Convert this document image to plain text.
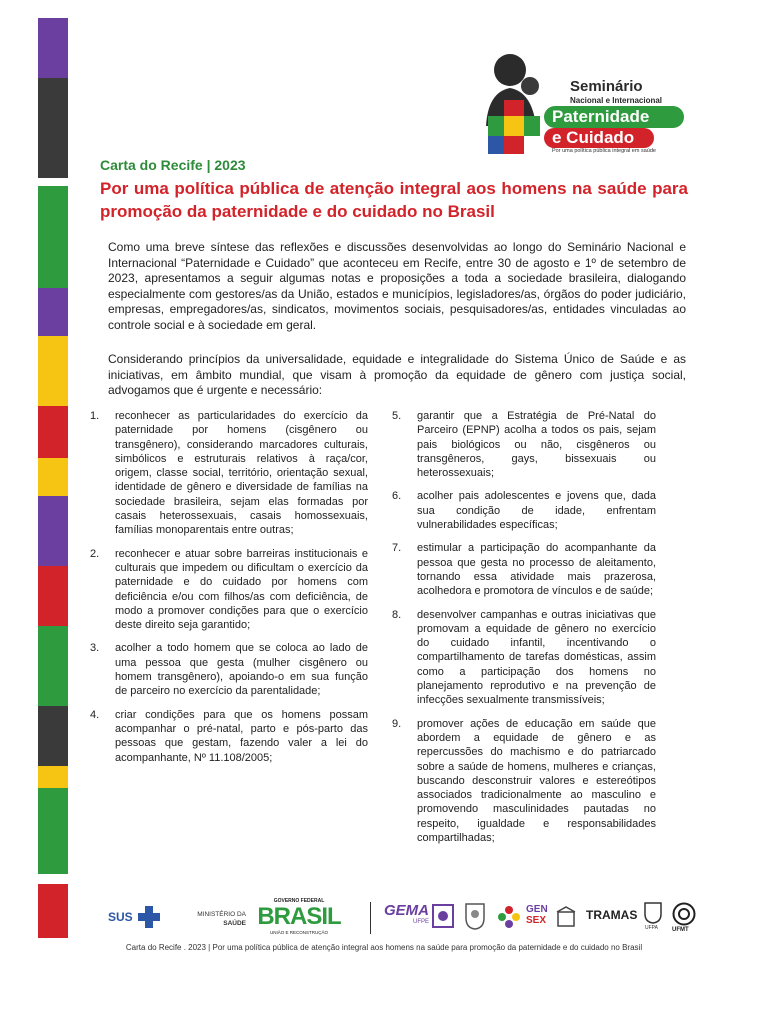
Seminário
Nacional e Internacional
Paternidade
e Cuidado
Por uma política pública integral em saúde
Carta do Recife | 2023
Por uma política pública de atenção integral aos homens na saúde para promoção da paternidade e do cuidado no Brasil
Como uma breve síntese das reflexões e discussões desenvolvidas ao longo do Seminário Nacional e Internacional “Paternidade e Cuidado” que aconteceu em Recife, entre 30 de agosto e 1º de setembro de 2023, apresentamos a seguir algumas notas e proposições a toda a sociedade brasileira, dialogando especialmente com gestores/as da União, estados e municípios, legisladores/as, órgãos do poder judiciário, empresas, empregadores/as, sindicatos, movimentos sociais, pesquisadores/as, entidades vinculadas ao controle social e à sociedade em geral.
Considerando princípios da universalidade, equidade e integralidade do Sistema Único de Saúde e as iniciativas, em âmbito mundial, que visam à promoção da equidade de gênero com justiça social, advogamos que é urgente e necessário:
1. reconhecer as particularidades do exercício da paternidade por homens (cisgênero ou transgênero), considerando marcadores culturais, simbólicos e estruturais relativos à raça/cor, origem, classe social, território, orientação sexual, identidade de gênero e diversidade de famílias na sociedade brasileira, sejam elas formadas por casais heterossexuais, casais homossexuais, famílias monoparentais entre outras;
2. reconhecer e atuar sobre barreiras institucionais e culturais que impedem ou dificultam o exercício da paternidade e do cuidado por homens com deficiência e/ou com filhos/as com deficiência, de modo a promover condições para que o exercício deste direito seja garantido;
3. acolher a todo homem que se coloca ao lado de uma pessoa que gesta (mulher cisgênero ou homem transgênero), apoiando-o em sua função de parceiro no exercício da parentalidade;
4. criar condições para que os homens possam acompanhar o pré-natal, parto e pós-parto das pessoas que gestam, fazendo valer a lei do acompanhante, Nº 11.108/2005;
5. garantir que a Estratégia de Pré-Natal do Parceiro (EPNP) acolha a todos os pais, sejam pais biológicos ou não, cisgêneros ou transgêneros, gays, bissexuais ou heterossexuais;
6. acolher pais adolescentes e jovens que, dada sua condição de idade, enfrentam vulnerabilidades específicas;
7. estimular a participação do acompanhante da pessoa que gesta no processo de aleitamento, tornando essa atividade mais prazerosa, acolhedora e promotora de vínculos e de saúde;
8. desenvolver campanhas e outras iniciativas que promovam a equidade de gênero no exercício do cuidado infantil, incentivando o compartilhamento de tarefas domésticas, assim como a participação dos homens no planejamento reprodutivo e na prevenção de infecções sexualmente transmissíveis;
9. promover ações de educação em saúde que abordem a equidade de gênero e as repercussões do machismo e do patriarcado sobre a saúde de homens, mulheres e crianças, buscando desconstruir valores e estereótipos associados tradicionalmente ao masculino e promovendo masculinidades pautadas no respeito, igualdade e responsabilidades compartilhadas;
SUS	MINISTÉRIO DA
SAÚDE
GOVERNO FEDERAL
BRASIL
UNIÃO E RECONSTRUÇÃO
GEMA
UFPE
GEN
SEX	TRAMAS
UFPA UFMT
Carta do Recife . 2023 | Por uma política pública de atenção integral aos homens na saúde para promoção da paternidade e do cuidado no Brasil
